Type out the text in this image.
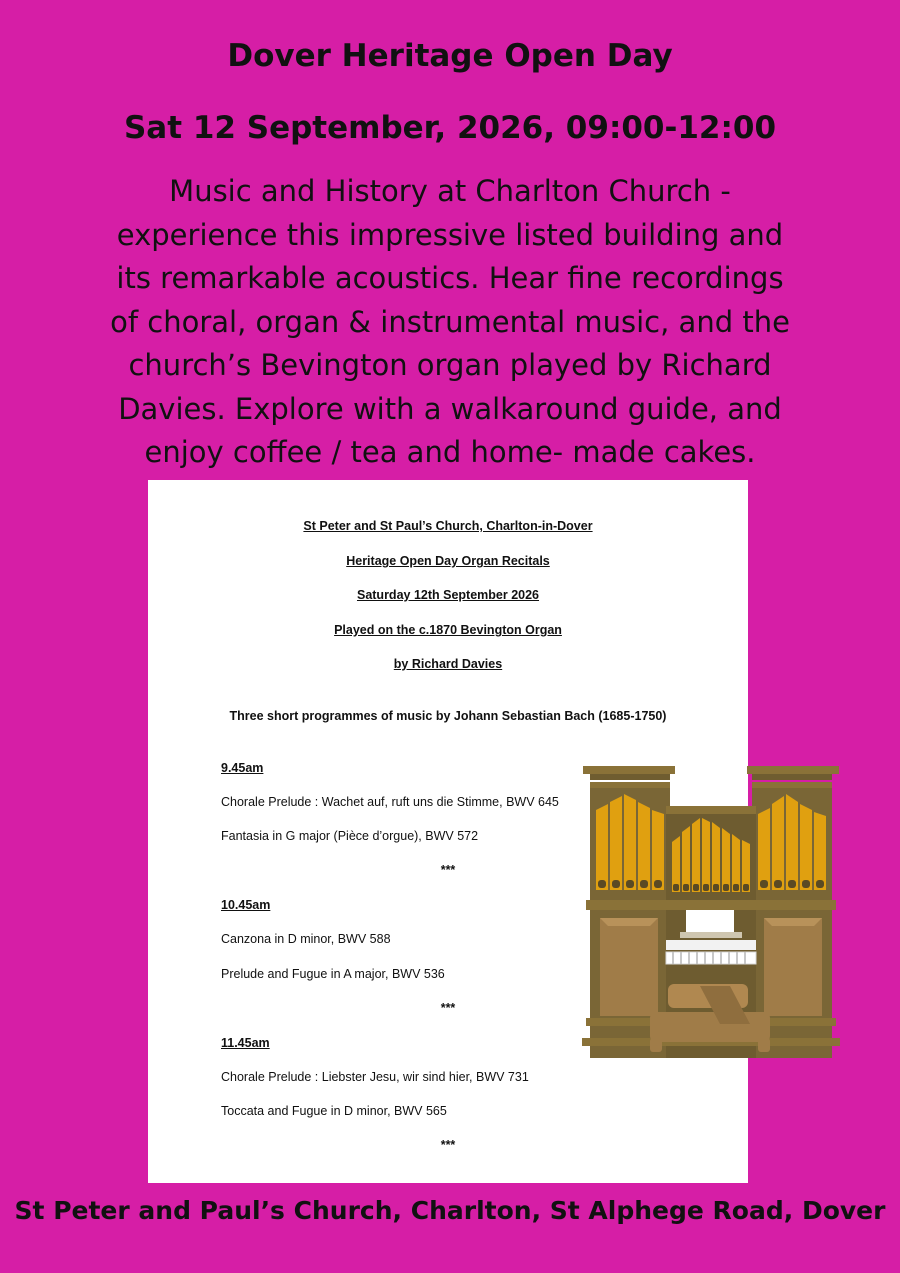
Dover Heritage Open Day
Sat 12 September, 2026, 09:00-12:00
Music and History at Charlton Church - experience this impressive listed building and its remarkable acoustics. Hear fine recordings of choral, organ & instrumental music, and the church’s Bevington organ played by Richard Davies. Explore with a walkaround guide, and enjoy coffee / tea and home- made cakes.
St Peter and St Paul’s Church, Charlton-in-Dover
Heritage Open Day Organ Recitals
Saturday 12th September 2026
Played on the c.1870 Bevington Organ
by Richard Davies
Three short programmes of music by Johann Sebastian Bach (1685-1750)
9.45am
Chorale Prelude : Wachet auf, ruft uns die Stimme, BWV 645
Fantasia in G major (Pièce d’orgue), BWV 572
***
10.45am
Canzona in D minor, BWV 588
Prelude and Fugue in A major, BWV 536
***
11.45am
Chorale Prelude : Liebster Jesu, wir sind hier, BWV 731
Toccata and Fugue in D minor, BWV 565
***
St Peter and Paul’s Church, Charlton, St Alphege Road, Dover
